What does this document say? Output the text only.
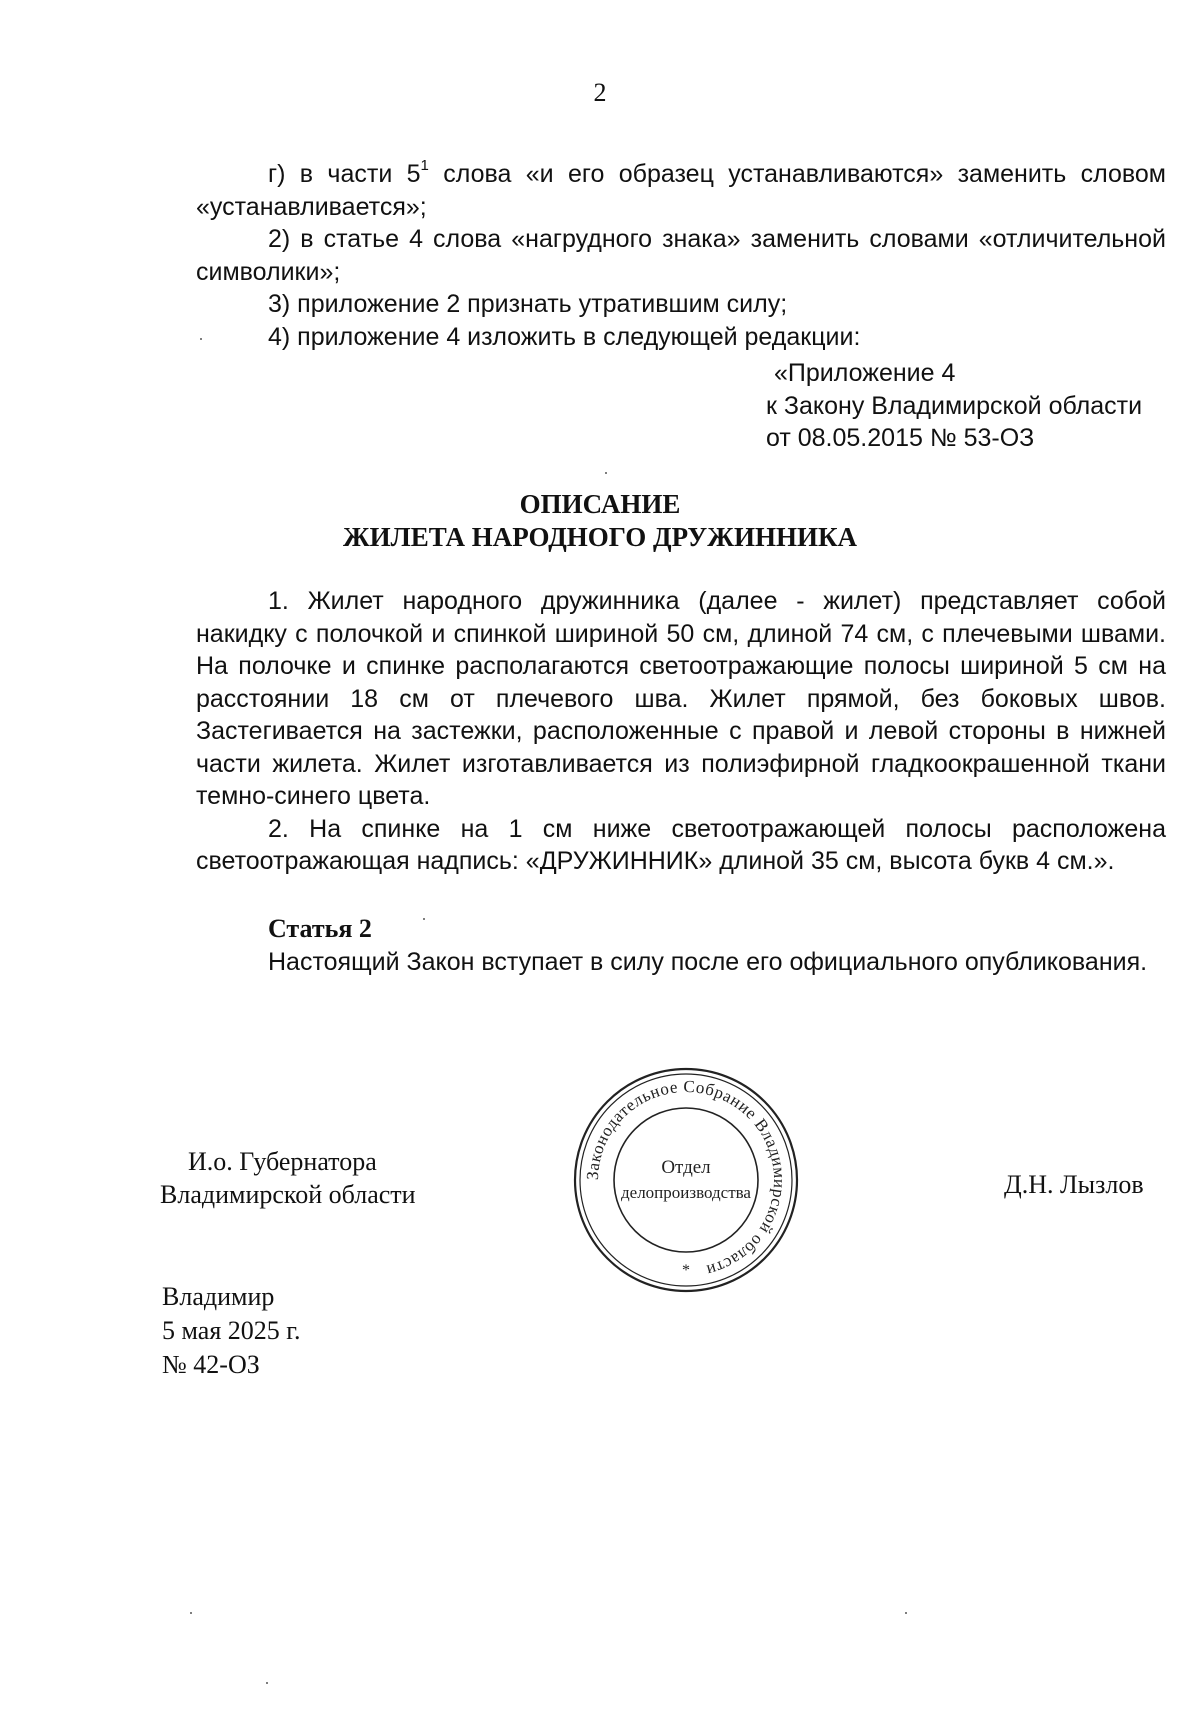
2

г) в части $5^1$ слова «и его образец устанавливаются» заменить словом «устанавливается»;

2) в статье 4 слова «нагрудного знака» заменить словами «отличительной символики»;

3) приложение 2 признать утратившим силу;

4) приложение 4 изложить в следующей редакции:

«Приложение 4
к Закону Владимирской области
от 08.05.2015 № 53-ОЗ
ОПИСАНИЕ
ЖИЛЕТА НАРОДНОГО ДРУЖИННИКА

1. Жилет народного дружинника (далее - жилет) представляет собой накидку с полочкой и спинкой шириной 50 см, длиной 74 см, с плечевыми швами. На полочке и спинке располагаются светоотражающие полосы шириной 5 см на расстоянии 18 см от плечевого шва. Жилет прямой, без боковых швов. Застегивается на застежки, расположенные с правой и левой стороны в нижней части жилета. Жилет изготавливается из полиэфирной гладкоокрашенной ткани темно-синего цвета.

2. На спинке на 1 см ниже светоотражающей полосы расположена светоотражающая надпись: «ДРУЖИННИК» длиной 35 см, высота букв 4 см.».

Статья 2

Настоящий Закон вступает в силу после его официального опубликования.

И.о. Губернатора
Владимирской области
Законодательное Собрание Владимирской области
Отдел
делопроизводства
*
Д.Н. Лызлов
Владимир
5 мая 2025 г.
№ 42-ОЗ
